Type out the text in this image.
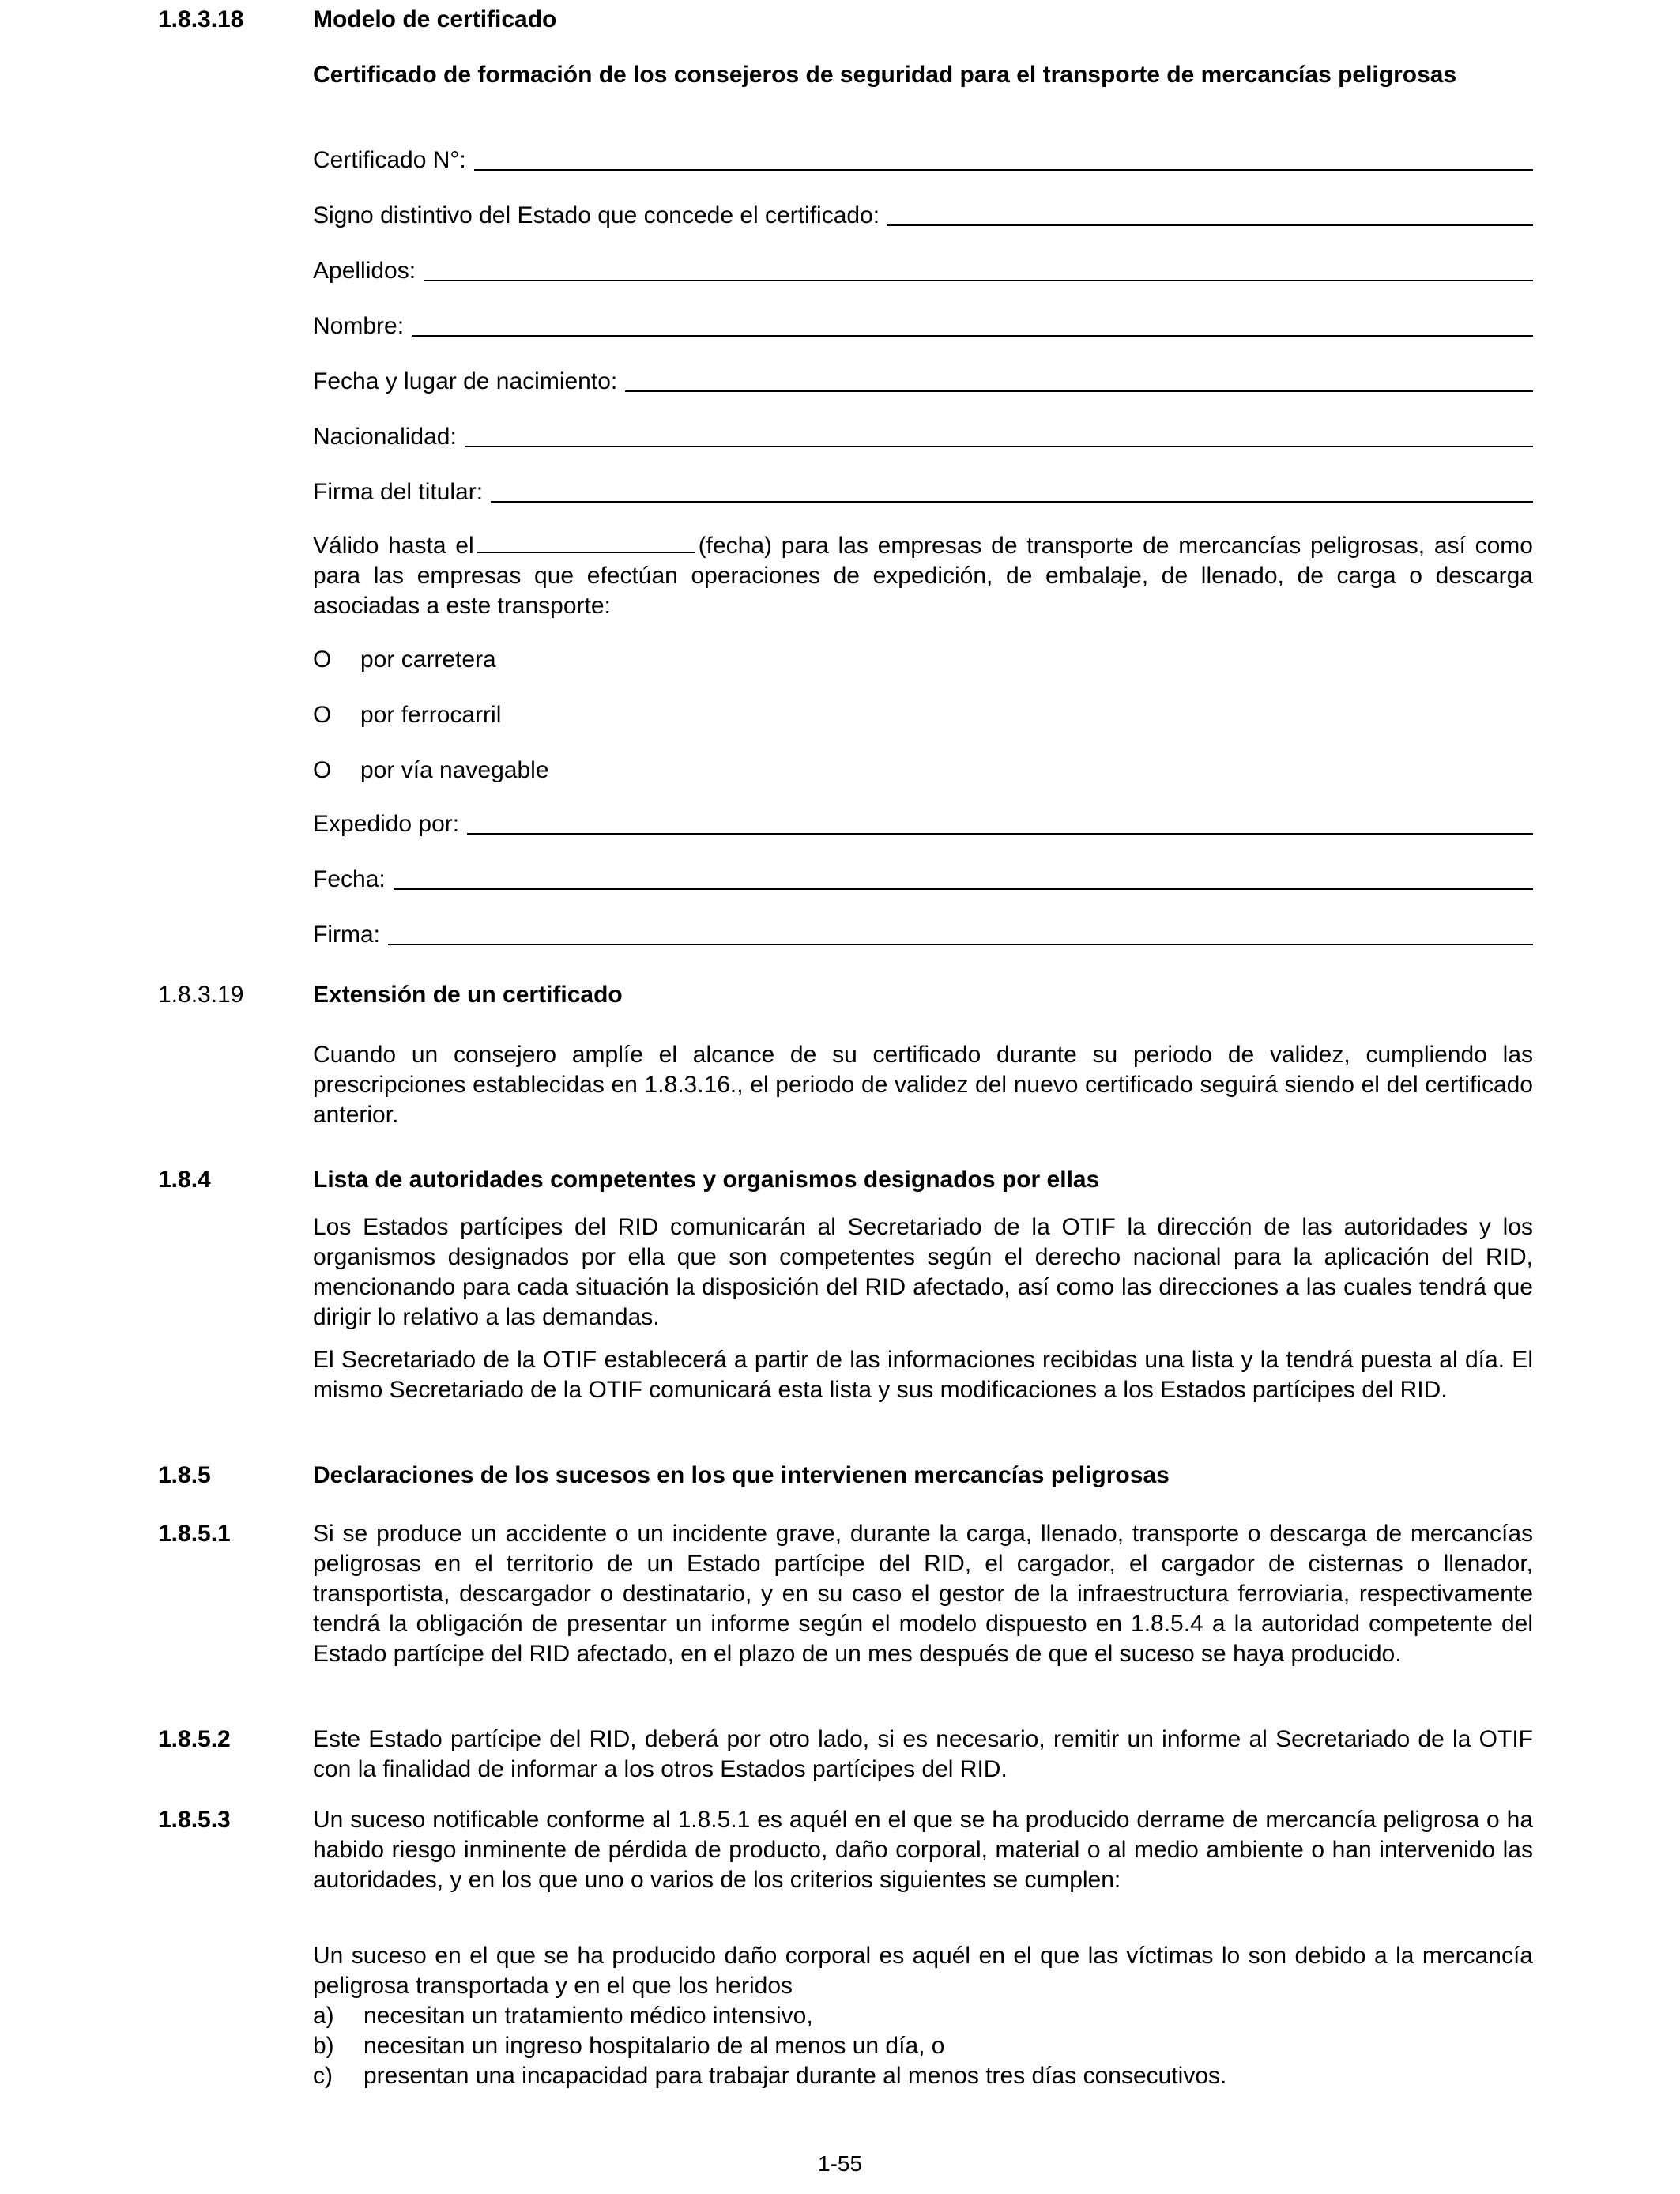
1.8.3.18	Modelo de certificado
Certificado de formación de los consejeros de seguridad para el transporte de mercancías peligrosas
Certificado N°:
Signo distintivo del Estado que concede el certificado:
Apellidos:
Nombre:
Fecha y lugar de nacimiento:
Nacionalidad:
Firma del titular:
Válido hasta el	(fecha) para las empresas de transporte de mercancías peligrosas, así como para las empresas que efectúan operaciones de expedición, de embalaje, de llenado, de carga o descarga asociadas a este transporte:
O	por carretera
O	por ferrocarril
O	por vía navegable
Expedido por:
Fecha:
Firma:
1.8.3.19	Extensión de un certificado
Cuando un consejero amplíe el alcance de su certificado durante su periodo de validez, cumpliendo las prescripciones establecidas en 1.8.3.16., el periodo de validez del nuevo certificado seguirá siendo el del certificado anterior.
1.8.4	Lista de autoridades competentes y organismos designados por ellas
Los Estados partícipes del RID comunicarán al Secretariado de la OTIF la dirección de las autoridades y los organismos designados por ella que son competentes según el derecho nacional para la aplicación del RID, mencionando para cada situación la disposición del RID afectado, así como las direcciones a las cuales tendrá que dirigir lo relativo a las demandas.
El Secretariado de la OTIF establecerá a partir de las informaciones recibidas una lista y la tendrá puesta al día. El mismo Secretariado de la OTIF comunicará esta lista y sus modificaciones a los Estados partícipes del RID.
1.8.5	Declaraciones de los sucesos en los que intervienen mercancías peligrosas
1.8.5.1	Si se produce un accidente o un incidente grave, durante la carga, llenado, transporte o descarga de mercancías peligrosas en el territorio de un Estado partícipe del RID, el cargador, el cargador de cisternas o llenador, transportista, descargador o destinatario, y en su caso el gestor de la infraestructura ferroviaria, respectivamente tendrá la obligación de presentar un informe según el modelo dispuesto en 1.8.5.4 a la autoridad competente del Estado partícipe del RID afectado, en el plazo de un mes después de que el suceso se haya producido.
1.8.5.2	Este Estado partícipe del RID, deberá por otro lado, si es necesario, remitir un informe al Secretariado de la OTIF con la finalidad de informar a los otros Estados partícipes del RID.
1.8.5.3	Un suceso notificable conforme al 1.8.5.1 es aquél en el que se ha producido derrame de mercancía peligrosa o ha habido riesgo inminente de pérdida de producto, daño corporal, material o al medio ambiente o han intervenido las autoridades, y en los que uno o varios de los criterios siguientes se cumplen:
Un suceso en el que se ha producido daño corporal es aquél en el que las víctimas lo son debido a la mercancía peligrosa transportada y en el que los heridos
a)	necesitan un tratamiento médico intensivo,
b)	necesitan un ingreso hospitalario de al menos un día, o
c)	presentan una incapacidad para trabajar durante al menos tres días consecutivos.
1-55
